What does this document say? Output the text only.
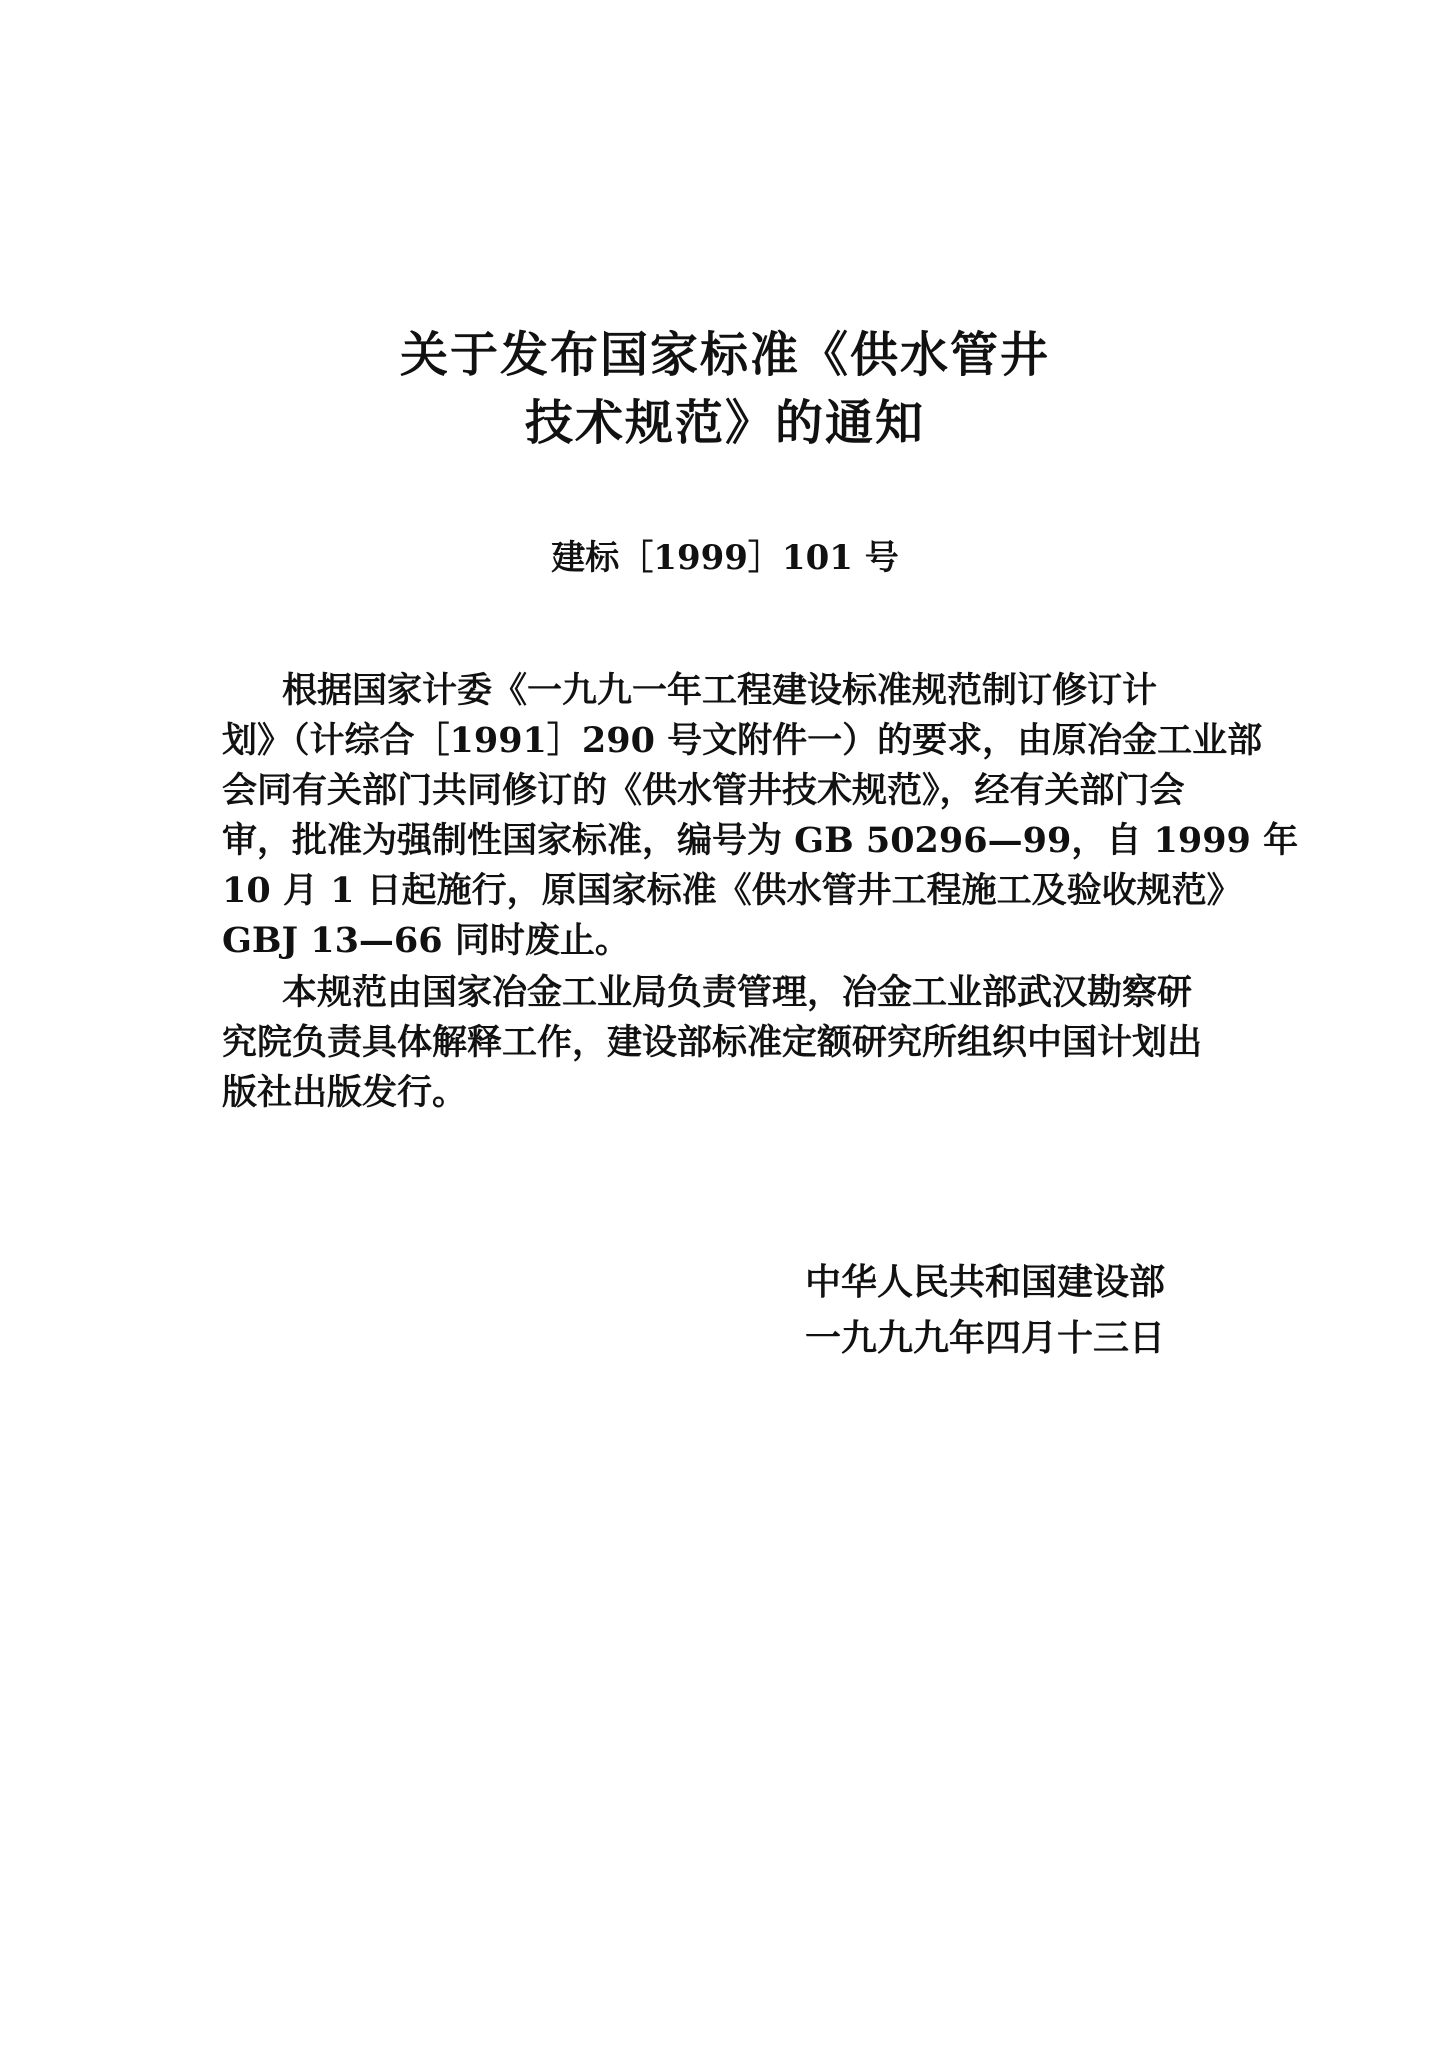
关于发布国家标准《供水管井
技术规范》的通知
建标［1999］101 号
根据国家计委《一九九一年工程建设标准规范制订修订计
划》（计综合［1991］290 号文附件一）的要求，由原冶金工业部
会同有关部门共同修订的《供水管井技术规范》，经有关部门会
审，批准为强制性国家标准，编号为 GB 50296—99，自 1999 年
10 月 1 日起施行，原国家标准《供水管井工程施工及验收规范》
GBJ 13—66 同时废止。
本规范由国家冶金工业局负责管理，冶金工业部武汉勘察研
究院负责具体解释工作，建设部标准定额研究所组织中国计划出
版社出版发行。
中华人民共和国建设部
一九九九年四月十三日
